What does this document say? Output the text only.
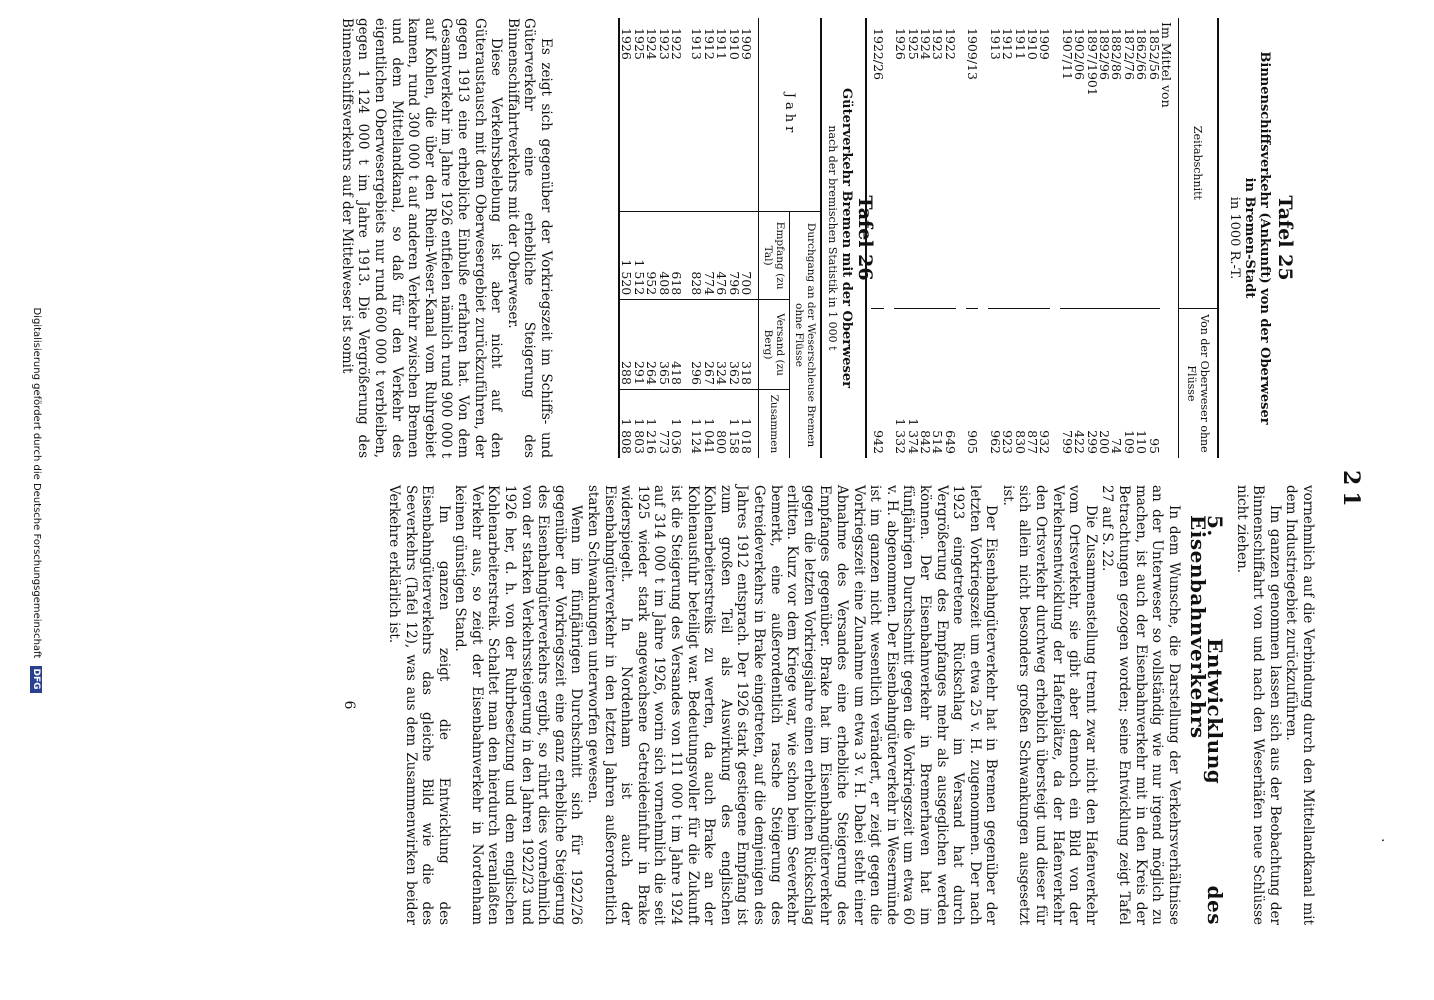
21
.

vornehmlich auf die Verbindung durch den Mittellandkanal mit dem Industriegebiet zurückzuführen.

Im ganzen genommen lassen sich aus der Beobachtung der Binnenschiffahrt von und nach den Weserhäfen neue Schlüsse nicht ziehen.

5. Entwicklung des Eisenbahnverkehrs

In dem Wunsche, die Darstellung der Verkehrsverhältnisse an der Unterweser so vollständig wie nur irgend möglich zu machen, ist auch der Eisenbahnverkehr mit in den Kreis der Betrachtungen gezogen worden; seine Entwicklung zeigt Tafel 27 auf S. 22.

Die Zusammenstellung trennt zwar nicht den Hafenverkehr vom Ortsverkehr, sie gibt aber dennoch ein Bild von der Verkehrsentwicklung der Hafenplätze, da der Hafenverkehr den Ortsverkehr durchweg erheblich übersteigt und dieser für sich allein nicht besonders großen Schwankungen ausgesetzt ist.

Der Eisenbahngüterverkehr hat in Bremen gegenüber der letzten Vorkriegszeit um etwa 25 v. H. zugenommen. Der nach 1923 eingetretene Rückschlag im Versand hat durch Vergrößerung des Empfanges mehr als ausgeglichen werden können. Der Eisenbahnverkehr in Bremerhaven hat im fünfjährigen Durchschnitt gegen die Vorkriegszeit um etwa 60 v. H. abgenommen. Der Eisenbahngüterverkehr in Wesermünde ist im ganzen nicht wesentlich verändert, er zeigt gegen die Vorkriegszeit eine Zunahme um etwa 3 v. H. Dabei steht einer Abnahme des Versandes eine erhebliche Steigerung des Empfanges gegenüber. Brake hat im Eisenbahngüterverkehr gegen die letzten Vorkriegsjahre einen erheblichen Rückschlag erlitten. Kurz vor dem Kriege war, wie schon beim Seeverkehr bemerkt, eine außerordentlich rasche Steigerung des Getreideverkehrs in Brake eingetreten, auf die demjenigen des Jahres 1912 entsprach. Der 1926 stark gestiegene Empfang ist zum großen Teil als Auswirkung des englischen Kohlenarbeiterstreiks zu werten, da auch Brake an der Kohlenausfuhr beteiligt war. Bedeutungsvoller für die Zukunft ist die Steigerung des Versandes von 111 000 t im Jahre 1924 auf 314 000 t im Jahre 1926, worin sich vornehmlich die seit 1925 wieder stark angewachsene Getreideeinfuhr in Brake widerspiegelt. In Nordenham ist auch der Eisenbahngüterverkehr in den letzten Jahren außerordentlich starken Schwankungen unterworfen gewesen.

Wenn im fünfjährigen Durchschnitt sich für 1922/26 gegenüber der Vorkriegszeit eine ganz erhebliche Steigerung des Eisenbahngüterverkehrs ergibt, so rührt dies vornehmlich von der starken Verkehrssteigerung in den Jahren 1922/23 und 1926 her, d. h. von der Ruhrbesetzung und dem englischen Kohlenarbeiterstreik. Schaltet man den hierdurch veranlaßten Verkehr aus, so zeigt der Eisenbahnverkehr in Nordenham keinen günstigen Stand.

Im ganzen zeigt die Entwicklung des Eisenbahngüterverkehrs das gleiche Bild wie die des Seeverkehrs (Tafel 12), was aus dem Zusammenwirken beider Verkehre erklärlich ist.

6
Tafel 25
Binnenschiffsverkehr (Ankunft) von der Oberweser
in Bremen-Stadt
in 1000 R.-T.
Zeitabschnitt	Von der Oberweser ohne Flüsse
Im Mittel von	
1852/56	95
1862/66	110
1872/76	109
1882/86	74
1892/96	200
1897/1901	299
1902/06	422
1907/11	799

1909	932
1910	877
1911	830
1912	923
1913	962

1909/13	905

1922	649
1923	514
1924	842
1925	1 374
1926	1 332

1922/26	942
Tafel 26
Güterverkehr Bremen mit der Oberweser
nach der bremischen Statistik in 1 000 t
Jahr	Durchgang an der Weserschleuse Bremen ohne Flüsse		
	Empfang (zu Tal)	Versand (zu Berg)	Zusammen
1909	700	318	1 018
1910	796	362	1 158
1911	476	324	800
1912	774	267	1 041
1913	828	296	1 124
1922	618	418	1 036
1923	408	365	773
1924	952	264	1 216
1925	1 512	291	1 803
1926	1 520	288	1 808

Es zeigt sich gegenüber der Vorkriegszeit im Schiffs- und Güterverkehr eine erhebliche Steigerung des Binnenschiffahrtverkehrs mit der Oberweser.

Diese Verkehrsbelebung ist aber nicht auf den Güteraustausch mit dem Oberwesergebiet zurückzuführen, der gegen 1913 eine erhebliche Einbuße erfahren hat. Von dem Gesamtverkehr im Jahre 1926 entfielen nämlich rund 900 000 t auf Kohlen, die über den Rhein-Weser-Kanal vom Ruhrgebiet kamen, rund 300 000 t auf anderen Verkehr zwischen Bremen und dem Mittellandkanal, so daß für den Verkehr des eigentlichen Oberwesergebiets nur rund 600 000 t verbleiben, gegen 1 124 000 t im Jahre 1913. Die Vergrößerung des Binnenschiffsverkehrs auf der Mittelweser ist somit

Digitalisierung gefördert durch die Deutsche Forschungsgemeinschaft DFG
